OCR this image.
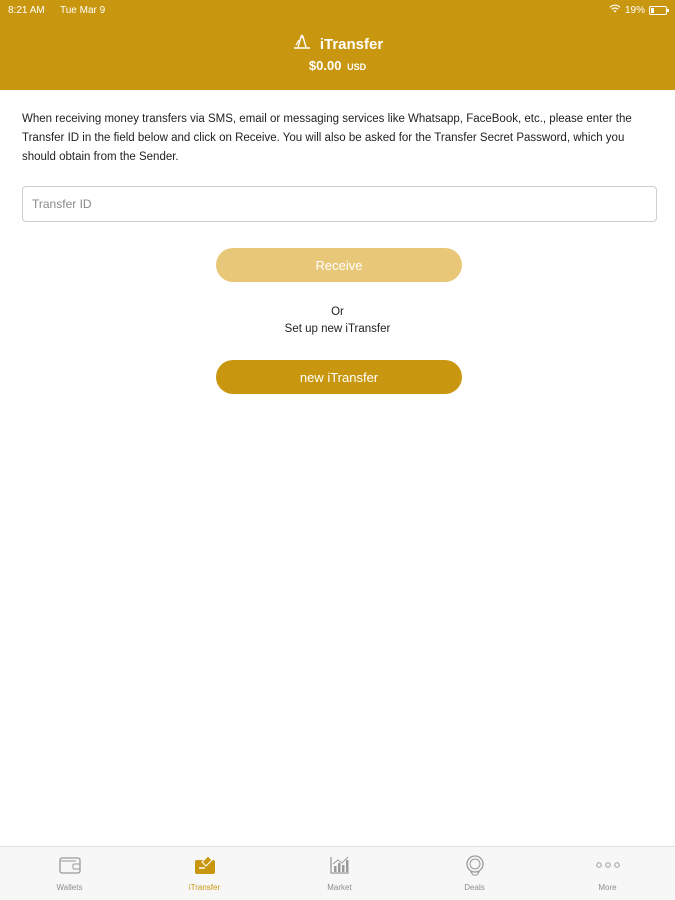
8:21 AM Tue Mar 9	19%
iTransfer
$0.00 USD

When receiving money transfers via SMS, email or messaging services like Whatsapp, FaceBook, etc., please enter the Transfer ID in the field below and click on Receive. You will also be asked for the Transfer Secret Password, which you should obtain from the Sender.

Transfer ID
Receive
Or
Set up new iTransfer
new iTransfer
Wallets	iTransfer	Market	Deals	More
